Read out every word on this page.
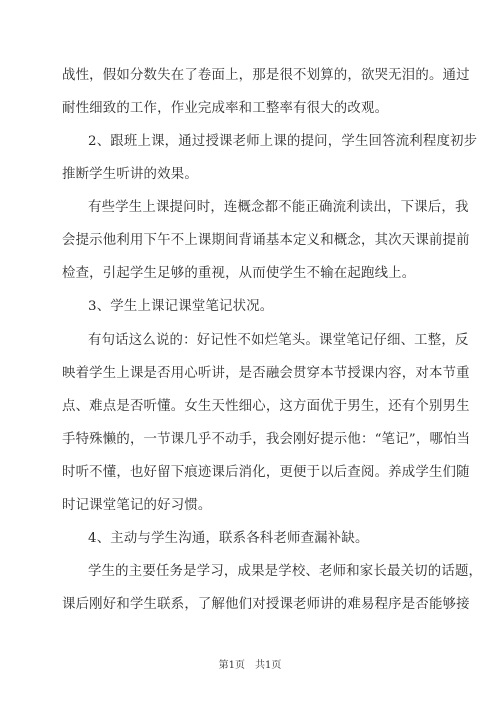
战性，假如分数失在了卷面上，那是很不划算的，欲哭无泪的。通过
耐性细致的工作，作业完成率和工整率有很大的改观。
2、跟班上课，通过授课老师上课的提问，学生回答流利程度初步
推断学生听讲的效果。
有些学生上课提问时，连概念都不能正确流利读出，下课后，我
会提示他利用下午不上课期间背诵基本定义和概念，其次天课前提前
检查，引起学生足够的重视，从而使学生不输在起跑线上。
3、学生上课记课堂笔记状况。
有句话这么说的：好记性不如烂笔头。课堂笔记仔细、工整，反
映着学生上课是否用心听讲，是否融会贯穿本节授课内容，对本节重
点、难点是否听懂。女生天性细心，这方面优于男生，还有个别男生
手特殊懒的，一节课几乎不动手，我会刚好提示他：“笔记”，哪怕当
时听不懂，也好留下痕迹课后消化，更便于以后查阅。养成学生们随
时记课堂笔记的好习惯。
4、主动与学生沟通，联系各科老师查漏补缺。
学生的主要任务是学习，成果是学校、老师和家长最关切的话题，
课后刚好和学生联系，了解他们对授课老师讲的难易程序是否能够接
第1页　共1页
